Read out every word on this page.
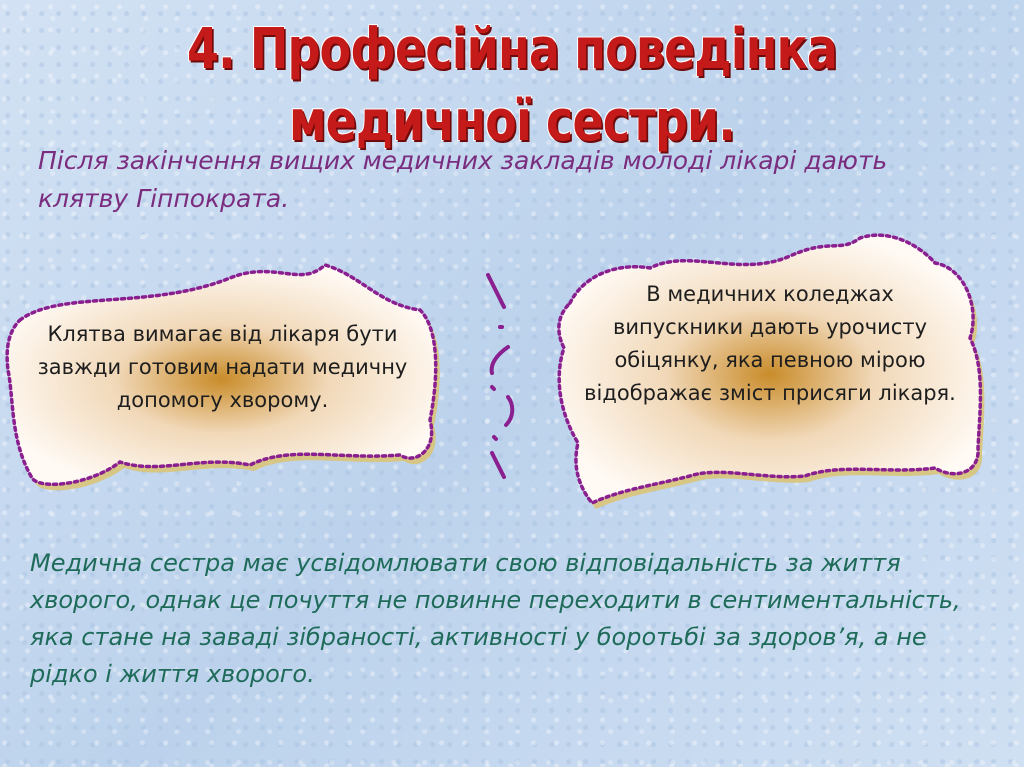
4. Професійна поведінка медичної сестри.
Після закінчення вищих медичних закладів молоді лікарі дають клятву Гіппократа.
Клятва вимагає від лікаря бути завжди готовим надати медичну допомогу хворому.
В медичних коледжах випускники дають урочисту обіцянку, яка певною мірою відображає зміст присяги лікаря.
Медична сестра має усвідомлювати свою відповідальність за життя хворого, однак це почуття не повинне переходити в сентиментальність, яка стане на заваді зібраності, активності у боротьбі за здоров’я, а не рідко і життя хворого.
